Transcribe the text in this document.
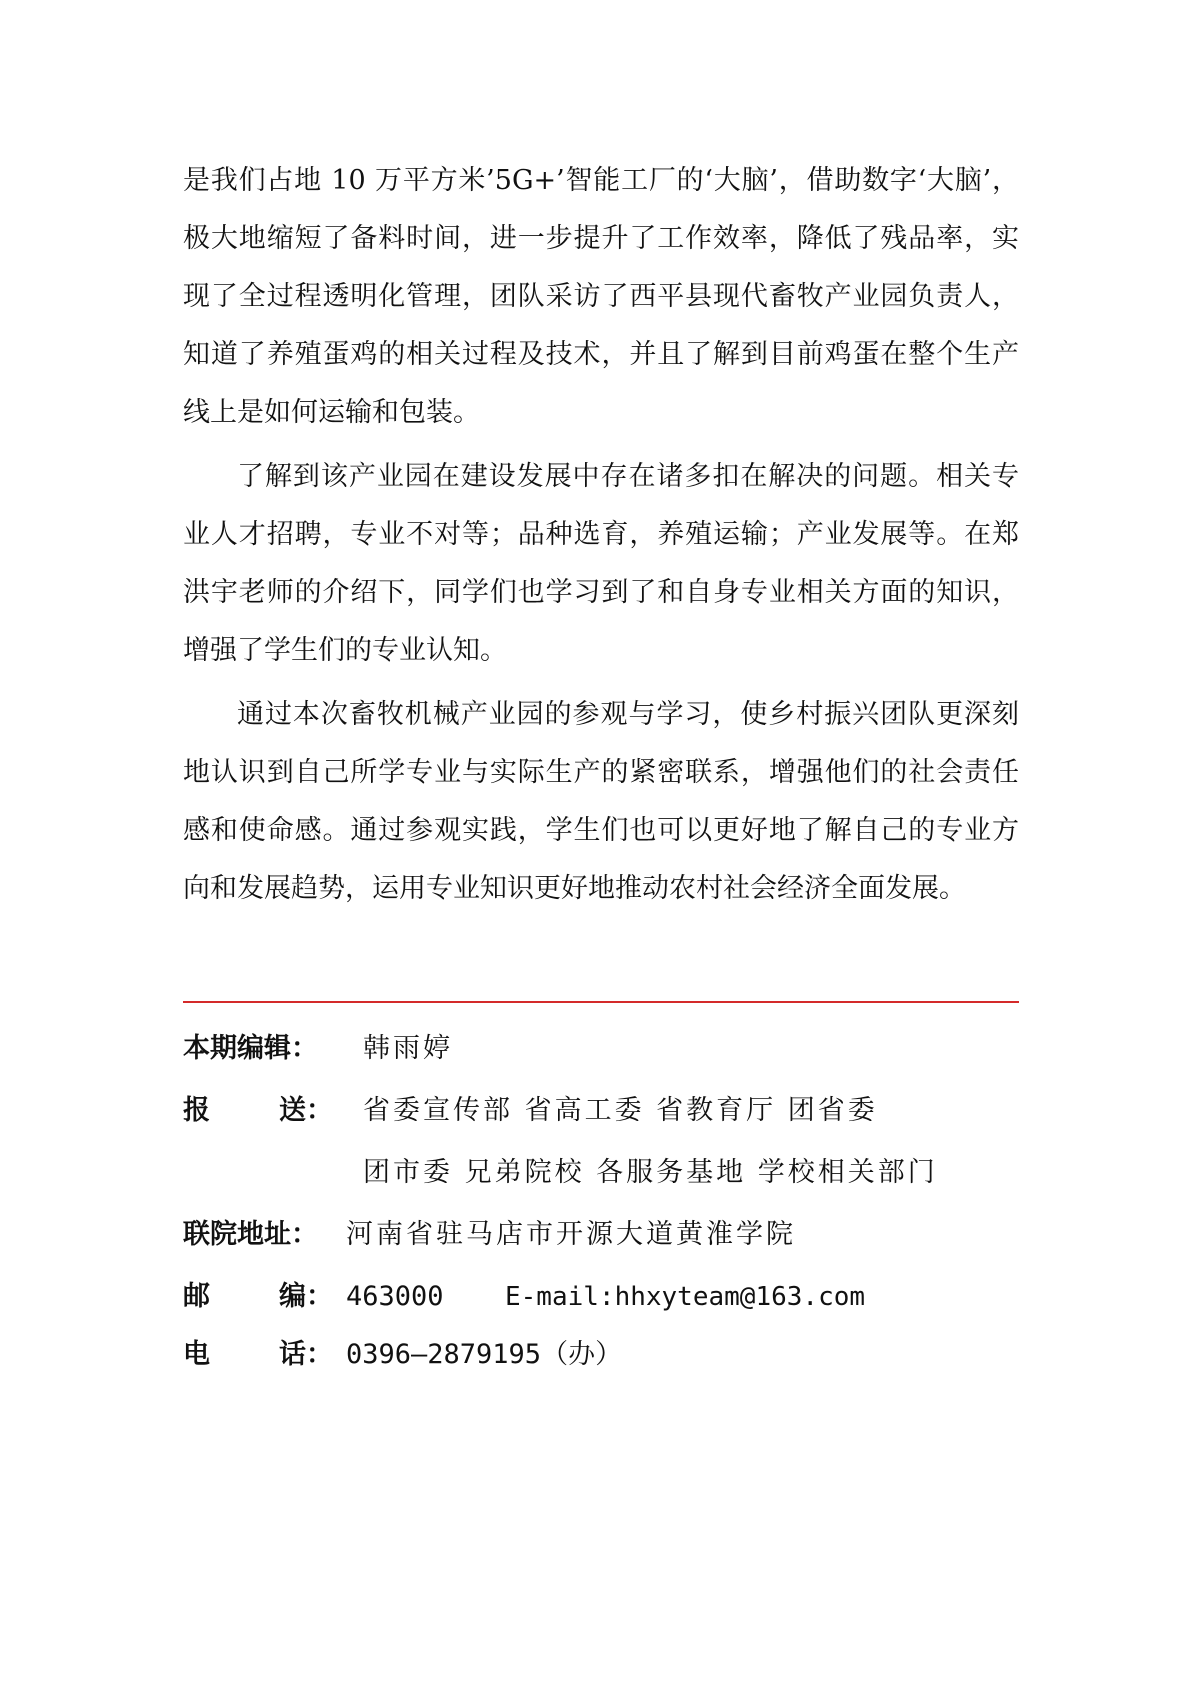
是我们占地 10 万平方米’5G+’智能工厂的‘大脑’，借助数字‘大脑’，
极大地缩短了备料时间，进一步提升了工作效率，降低了残品率，实
现了全过程透明化管理，团队采访了西平县现代畜牧产业园负责人，
知道了养殖蛋鸡的相关过程及技术，并且了解到目前鸡蛋在整个生产
线上是如何运输和包装。
了解到该产业园在建设发展中存在诸多扣在解决的问题。相关专
业人才招聘，专业不对等；品种选育，养殖运输；产业发展等。在郑
洪宇老师的介绍下，同学们也学习到了和自身专业相关方面的知识，
增强了学生们的专业认知。
通过本次畜牧机械产业园的参观与学习，使乡村振兴团队更深刻
地认识到自己所学专业与实际生产的紧密联系，增强他们的社会责任
感和使命感。通过参观实践，学生们也可以更好地了解自己的专业方
向和发展趋势，运用专业知识更好地推动农村社会经济全面发展。
本期编辑： 韩雨婷
报	送： 省委宣传部 省高工委 省教育厅 团省委
团市委 兄弟院校 各服务基地 学校相关部门
联院地址： 河南省驻马店市开源大道黄淮学院
邮	编： 463000 E-mail:hhxyteam@163.com
电	话： 0396—2879195（办）
